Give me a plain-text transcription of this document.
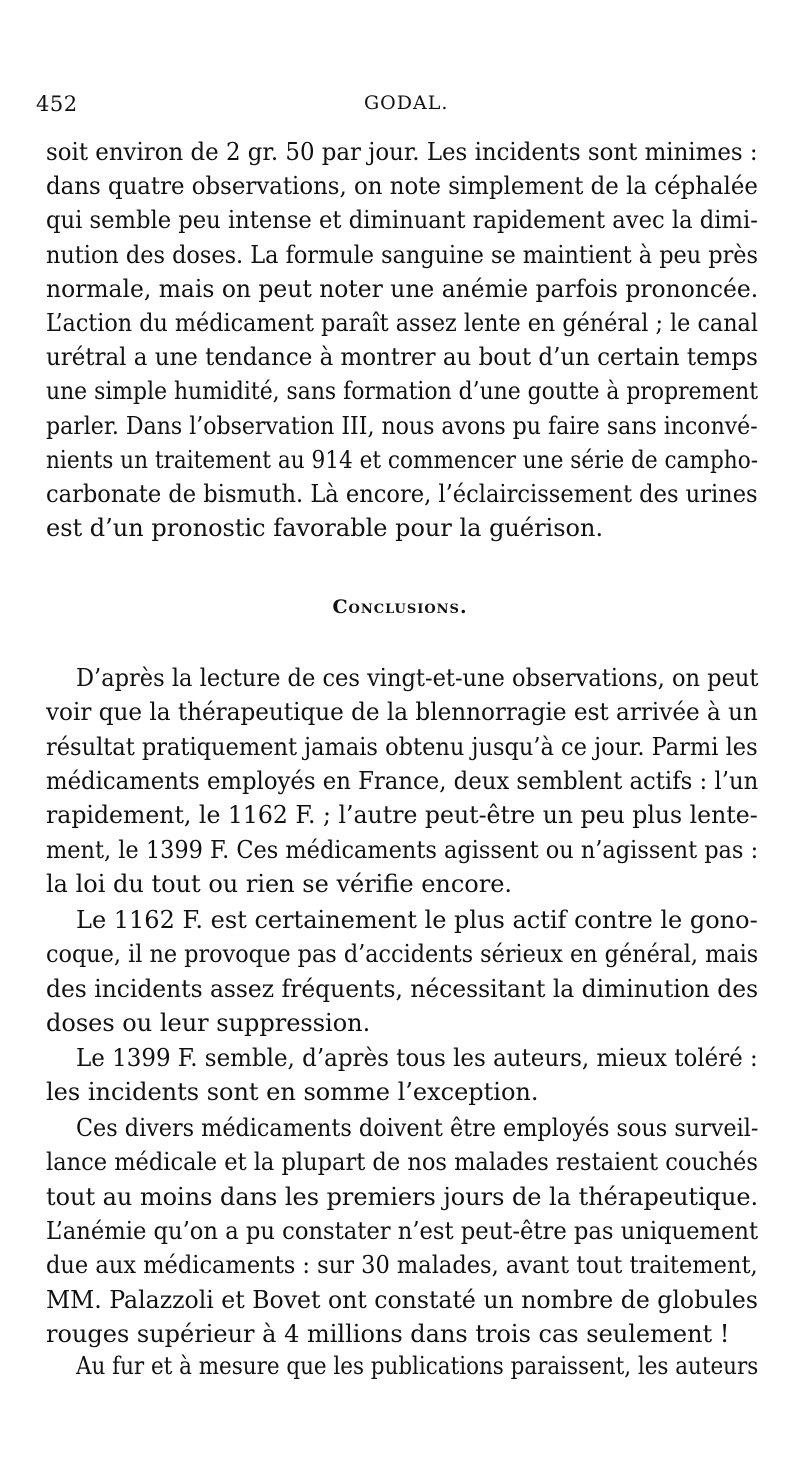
452	GODAL.
soit environ de 2 gr. 50 par jour. Les incidents sont minimes :
dans quatre observations, on note simplement de la céphalée
qui semble peu intense et diminuant rapidement avec la dimi-
nution des doses. La formule sanguine se maintient à peu près
normale, mais on peut noter une anémie parfois prononcée.
L’action du médicament paraît assez lente en général ; le canal
urétral a une tendance à montrer au bout d’un certain temps
une simple humidité, sans formation d’une goutte à proprement
parler. Dans l’observation III, nous avons pu faire sans inconvé-
nients un traitement au 914 et commencer une série de campho-
carbonate de bismuth. Là encore, l’éclaircissement des urines
est d’un pronostic favorable pour la guérison.
Conclusions.
D’après la lecture de ces vingt-et-une observations, on peut
voir que la thérapeutique de la blennorragie est arrivée à un
résultat pratiquement jamais obtenu jusqu’à ce jour. Parmi les
médicaments employés en France, deux semblent actifs : l’un
rapidement, le 1162 F. ; l’autre peut-être un peu plus lente-
ment, le 1399 F. Ces médicaments agissent ou n’agissent pas :
la loi du tout ou rien se vérifie encore.
Le 1162 F. est certainement le plus actif contre le gono-
coque, il ne provoque pas d’accidents sérieux en général, mais
des incidents assez fréquents, nécessitant la diminution des
doses ou leur suppression.
Le 1399 F. semble, d’après tous les auteurs, mieux toléré :
les incidents sont en somme l’exception.
Ces divers médicaments doivent être employés sous surveil-
lance médicale et la plupart de nos malades restaient couchés
tout au moins dans les premiers jours de la thérapeutique.
L’anémie qu’on a pu constater n’est peut-être pas uniquement
due aux médicaments : sur 30 malades, avant tout traitement,
MM. Palazzoli et Bovet ont constaté un nombre de globules
rouges supérieur à 4 millions dans trois cas seulement !
Au fur et à mesure que les publications paraissent, les auteurs
